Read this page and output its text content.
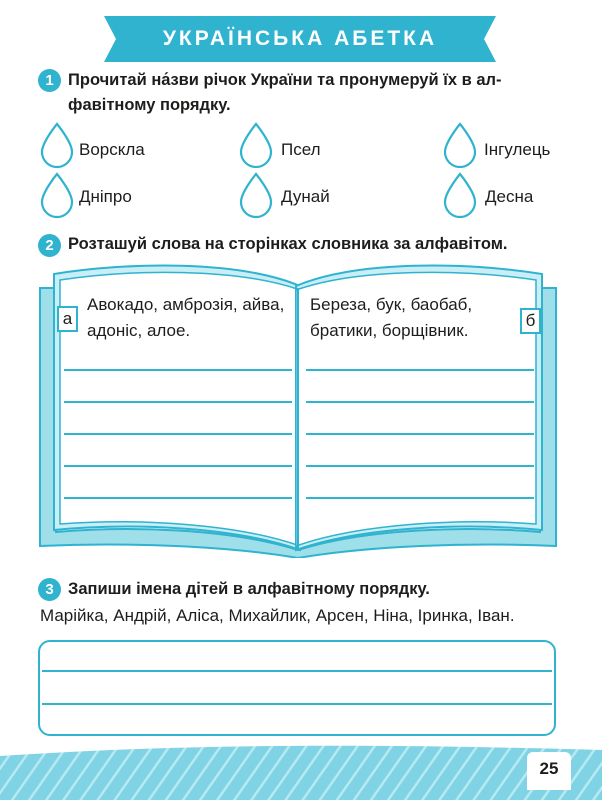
УКРАЇНСЬКА АБЕТКА
1 Прочитай на́зви річок України та пронумеруй їх в ал-
фавітному порядку.
Ворскла	Псел	Інгулець
Дніпро	Дунай	Десна
2 Розташуй слова на сторінках словника за алфавітом.
а
Авокадо, амброзія, айва,
адоніс, алое.
Береза, бук, баобаб,
братики, борщівник.
б
3 Запиши імена дітей в алфавітному порядку.
Марійка, Андрій, Аліса, Михайлик, Арсен, Ніна, Іринка, Іван.
25
